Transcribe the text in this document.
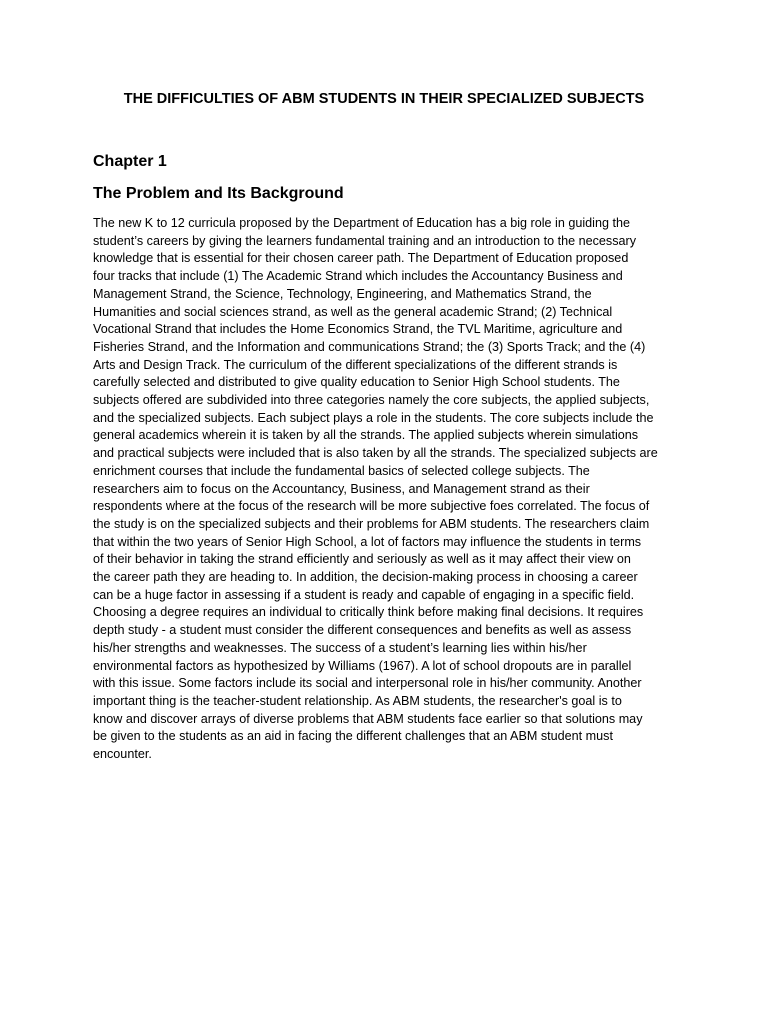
THE DIFFICULTIES OF ABM STUDENTS IN THEIR SPECIALIZED SUBJECTS
Chapter 1
The Problem and Its Background

The new K to 12 curricula proposed by the Department of Education has a big role in guiding the
student’s careers by giving the learners fundamental training and an introduction to the necessary
knowledge that is essential for their chosen career path. The Department of Education proposed
four tracks that include (1) The Academic Strand which includes the Accountancy Business and
Management Strand, the Science, Technology, Engineering, and Mathematics Strand, the
Humanities and social sciences strand, as well as the general academic Strand; (2) Technical
Vocational Strand that includes the Home Economics Strand, the TVL Maritime, agriculture and
Fisheries Strand, and the Information and communications Strand; the (3) Sports Track; and the (4)
Arts and Design Track. The curriculum of the different specializations of the different strands is
carefully selected and distributed to give quality education to Senior High School students. The
subjects offered are subdivided into three categories namely the core subjects, the applied subjects,
and the specialized subjects. Each subject plays a role in the students. The core subjects include the
general academics wherein it is taken by all the strands. The applied subjects wherein simulations
and practical subjects were included that is also taken by all the strands. The specialized subjects are
enrichment courses that include the fundamental basics of selected college subjects. The
researchers aim to focus on the Accountancy, Business, and Management strand as their
respondents where at the focus of the research will be more subjective foes correlated. The focus of
the study is on the specialized subjects and their problems for ABM students. The researchers claim
that within the two years of Senior High School, a lot of factors may influence the students in terms
of their behavior in taking the strand efficiently and seriously as well as it may affect their view on
the career path they are heading to. In addition, the decision-making process in choosing a career
can be a huge factor in assessing if a student is ready and capable of engaging in a specific field.
Choosing a degree requires an individual to critically think before making final decisions. It requires
depth study - a student must consider the different consequences and benefits as well as assess
his/her strengths and weaknesses. The success of a student’s learning lies within his/her
environmental factors as hypothesized by Williams (1967). A lot of school dropouts are in parallel
with this issue. Some factors include its social and interpersonal role in his/her community. Another
important thing is the teacher-student relationship. As ABM students, the researcher's goal is to
know and discover arrays of diverse problems that ABM students face earlier so that solutions may
be given to the students as an aid in facing the different challenges that an ABM student must
encounter.
